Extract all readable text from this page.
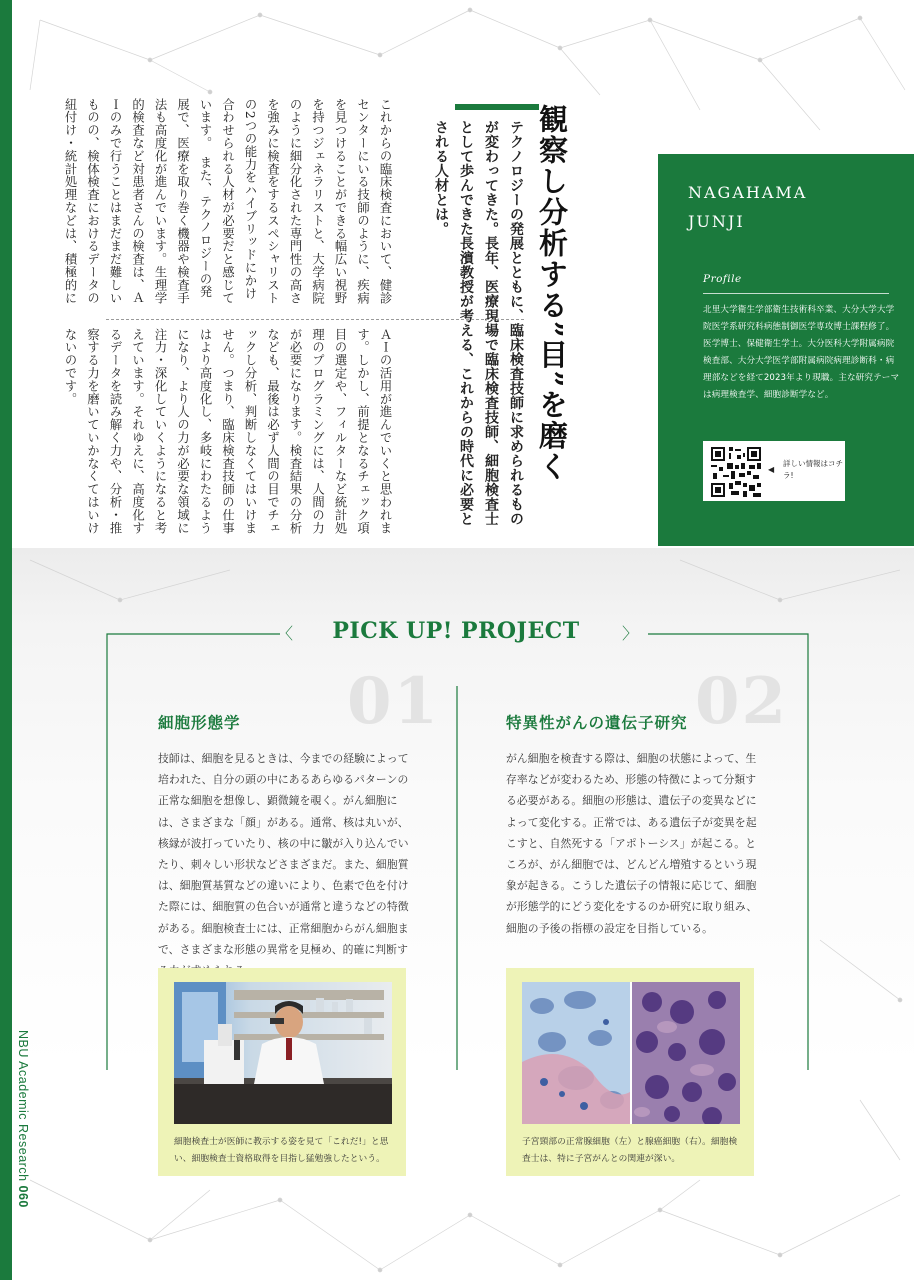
NBU Academic Research 060
観察し分析する”目”を磨く
テクノロジーの発展とともに、臨床検査技師に求められるものが変わってきた。長年、医療現場で臨床検査技師、細胞検査士として歩んできた長濱教授が考える、これからの時代に必要とされる人材とは。
これからの臨床検査において、健診センターにいる技師のように、疾病を見つけることができる幅広い視野を持つジェネラリストと、大学病院のように細分化された専門性の高さを強みに検査をするスペシャリストの2つの能力をハイブリッドにかけ合わせられる人材が必要だと感じています。　また、テクノロジーの発展で、医療を取り巻く機器や検査手法も高度化が進んでいます。生理学的検査など対患者さんの検査は、ＡＩのみで行うことはまだまだ難しいものの、検体検査におけるデータの紐付け・統計処理などは、積極的に
ＡＩの活用が進んでいくと思われます。しかし、前提となるチェック項目の選定や、フィルターなど統計処理のプログラミングには、人間の力が必要になります。検査結果の分析なども、最後は必ず人間の目でチェックし分析、判断しなくてはいけません。つまり、臨床検査技師の仕事はより高度化し、多岐にわたるようになり、より人の力が必要な領域に注力・深化していくようになると考えています。それゆえに、高度化するデータを読み解く力や、分析・推察する力を磨いていかなくてはいけないのです。
NAGAHAMA
JUNJI
Profile
北里大学衛生学部衛生技術科卒業、大分大学大学院医学系研究科病態制御医学専攻博士課程修了。医学博士、保健衛生学士。大分医科大学附属病院検査部、大分大学医学部附属病院病理診断科・病理部などを経て2023年より現職。主な研究テーマは病理検査学、細胞診断学など。
◀
詳しい情報はコチラ!
〈	〉
PICK UP! PROJECT
01
細胞形態学
技師は、細胞を見るときは、今までの経験によって培われた、自分の頭の中にあるあらゆるパターンの正常な細胞を想像し、顕微鏡を覗く。がん細胞には、さまざまな「顔」がある。通常、核は丸いが、核縁が波打っていたり、核の中に皺が入り込んでいたり、刺々しい形状などさまざまだ。また、細胞質は、細胞質基質などの違いにより、色素で色を付けた際には、細胞質の色合いが通常と違うなどの特徴がある。細胞検査士には、正常細胞からがん細胞まで、さまざまな形態の異常を見極め、的確に判断す
細胞検査士が医師に教示する姿を見て「これだ!」と思い、細胞検査士資格取得を目指し猛勉強したという。
02
特異性がんの遺伝子研究
がん細胞を検査する際は、細胞の状態によって、生存率などが変わるため、形態の特徴によって分類する必要がある。細胞の形態は、遺伝子の変異などによって変化する。正常では、ある遺伝子が変異を起こすと、自然死する「アポトーシス」が起こる。ところが、がん細胞では、どんどん増殖するという現象が起きる。こうした遺伝子の情報に応じて、細胞が形態学的にどう変化をするのか研究に取り組み、細胞の予後の指標の設定を目指している。
子宮頸部の正常腺細胞（左）と腺癌細胞（右）。細胞検査士は、特に子宮がんとの関連が深い。
